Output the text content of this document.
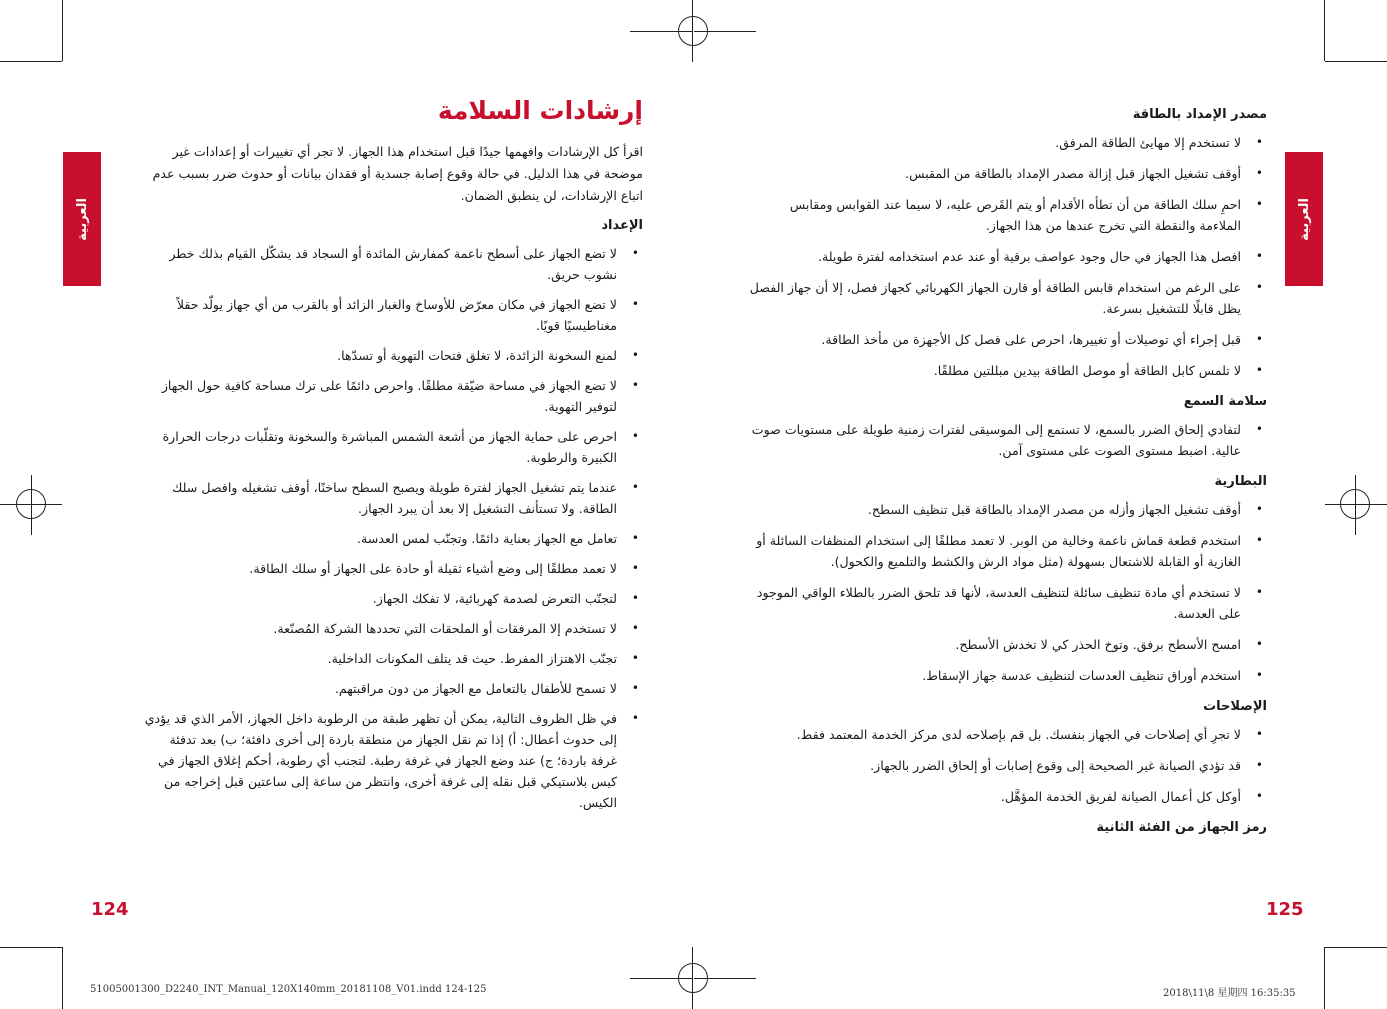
العربية
إرشادات السلامة

اقرأ كل الإرشادات وافهمها جيدًا قبل استخدام هذا الجهاز. لا تجر أي تغييرات أو إعدادات غير موضحة في هذا الدليل. في حالة وقوع إصابة جسدية أو فقدان بيانات أو حدوث ضرر بسبب عدم اتباع الإرشادات، لن ينطبق الضمان.

الإعداد
• لا تضع الجهاز على أسطح ناعمة كمفارش المائدة أو السجاد قد يشكّل القيام بذلك خطر نشوب حريق.
• لا تضع الجهاز في مكان معرّض للأوساخ والغبار الزائد أو بالقرب من أي جهاز يولّد حقلاً مغناطيسيًا قويًا.
• لمنع السخونة الزائدة، لا تغلق فتحات التهوية أو تسدّها.
• لا تضع الجهاز في مساحة ضيّقة مطلقًا. واحرص دائمًا على ترك مساحة كافية حول الجهاز لتوفير التهوية.
• احرص على حماية الجهاز من أشعة الشمس المباشرة والسخونة وتقلّبات درجات الحرارة الكبيرة والرطوبة.
• عندما يتم تشغيل الجهاز لفترة طويلة ويصبح السطح ساخنًا، أوقف تشغيله وافصل سلك الطاقة. ولا تستأنف التشغيل إلا بعد أن يبرد الجهاز.
• تعامل مع الجهاز بعناية دائمًا. وتجنّب لمس العدسة.
• لا تعمد مطلقًا إلى وضع أشياء ثقيلة أو حادة على الجهاز أو سلك الطاقة.
• لتجنّب التعرض لصدمة كهربائية، لا تفكك الجهاز.
• لا تستخدم إلا المرفقات أو الملحقات التي تحددها الشركة المُصنّعة.
• تجنّب الاهتزاز المفرط. حيث قد يتلف المكونات الداخلية.
• لا تسمح للأطفال بالتعامل مع الجهاز من دون مراقبتهم.
• في ظل الظروف التالية، يمكن أن تظهر طبقة من الرطوبة داخل الجهاز، الأمر الذي قد يؤدي إلى حدوث أعطال: أ) إذا تم نقل الجهاز من منطقة باردة إلى أخرى دافئة؛ ب) بعد تدفئة غرفة باردة؛ ج) عند وضع الجهاز في غرفة رطبة. لتجنب أي رطوبة، أحكم إغلاق الجهاز في كيس بلاستيكي قبل نقله إلى غرفة أخرى، وانتظر من ساعة إلى ساعتين قبل إخراجه من الكيس.
124
51005001300_D2240_INT_Manual_120X140mm_20181108_V01.indd 124-125
العربية
مصدر الإمداد بالطاقة
• لا تستخدم إلا مهايئ الطاقة المرفق.
• أوقف تشغيل الجهاز قبل إزالة مصدر الإمداد بالطاقة من المقبس.
• احمِ سلك الطاقة من أن تطأه الأقدام أو يتم القَرص عليه، لا سيما عند القوابس ومقابس الملاءمة والنقطة التي تخرج عندها من هذا الجهاز.
• افصل هذا الجهاز في حال وجود عواصف برقية أو عند عدم استخدامه لفترة طويلة.
• على الرغم من استخدام قابس الطاقة أو قارن الجهاز الكهربائي كجهاز فصل، إلا أن جهاز الفصل يظل قابلًا للتشغيل بسرعة.
• قبل إجراء أي توصيلات أو تغييرها، احرص على فصل كل الأجهزة من مأخذ الطاقة.
• لا تلمس كابل الطاقة أو موصل الطاقة بيدين مبللتين مطلقًا.
سلامة السمع
• لتفادي إلحاق الضرر بالسمع، لا تستمع إلى الموسيقى لفترات زمنية طويلة على مستويات صوت عالية. اضبط مستوى الصوت على مستوى آمن.
البطارية
• أوقف تشغيل الجهاز وأزله من مصدر الإمداد بالطاقة قبل تنظيف السطح.
• استخدم قطعة قماش ناعمة وخالية من الوبر. لا تعمد مطلقًا إلى استخدام المنظفات السائلة أو الغازية أو القابلة للاشتعال بسهولة (مثل مواد الرش والكشط والتلميع والكحول).
• لا تستخدم أي مادة تنظيف سائلة لتنظيف العدسة، لأنها قد تلحق الضرر بالطلاء الواقي الموجود على العدسة.
• امسح الأسطح برفق. وتوخ الحذر كي لا تخدش الأسطح.
• استخدم أوراق تنظيف العدسات لتنظيف عدسة جهاز الإسقاط.
الإصلاحات
• لا تجرِ أي إصلاحات في الجهاز بنفسك. بل قم بإصلاحه لدى مركز الخدمة المعتمد فقط.
• قد تؤدي الصيانة غير الصحيحة إلى وقوع إصابات أو إلحاق الضرر بالجهاز.
• أوكل كل أعمال الصيانة لفريق الخدمة المؤهَّل.
رمز الجهاز من الفئة الثانية
125
2018\11\8 星期四 16:35:35
